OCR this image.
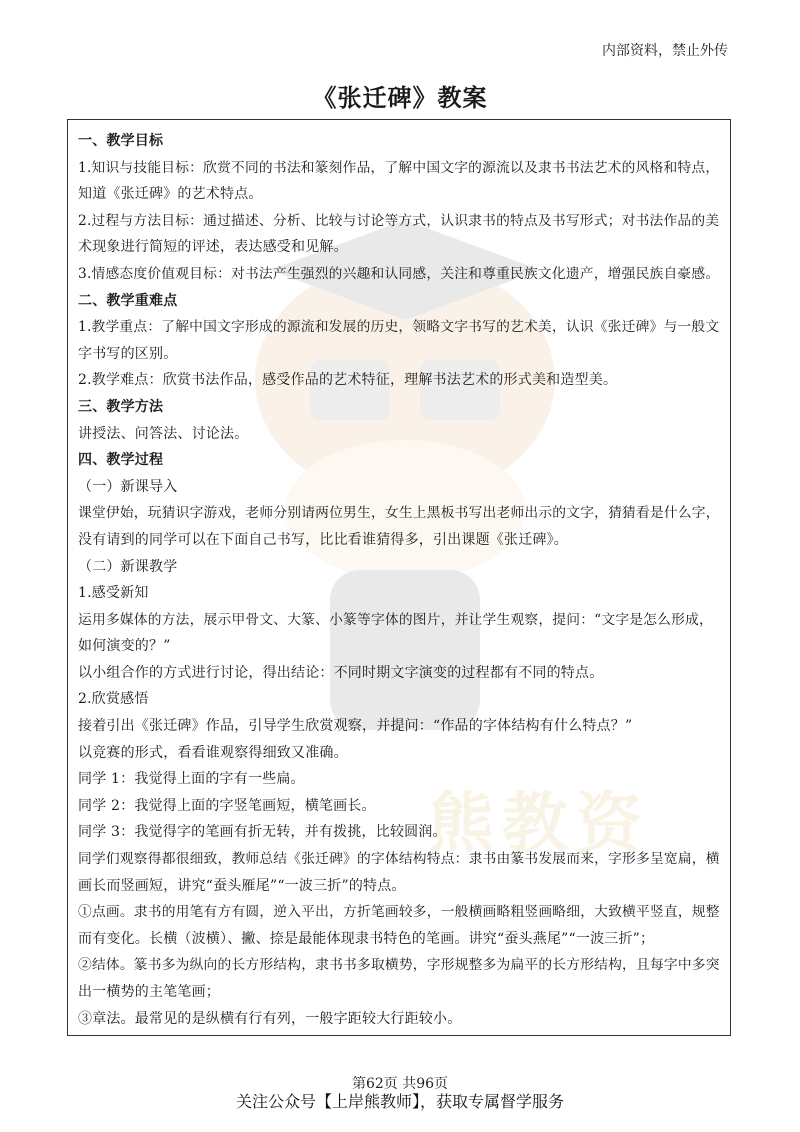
内部资料，禁止外传
《张迁碑》教案
熊教资
一、教学目标
1.知识与技能目标：欣赏不同的书法和篆刻作品，了解中国文字的源流以及隶书书法艺术的风格和特点，
知道《张迁碑》的艺术特点。
2.过程与方法目标：通过描述、分析、比较与讨论等方式，认识隶书的特点及书写形式；对书法作品的美
术现象进行简短的评述，表达感受和见解。
3.情感态度价值观目标：对书法产生强烈的兴趣和认同感，关注和尊重民族文化遗产，增强民族自豪感。
二、教学重难点
1.教学重点：了解中国文字形成的源流和发展的历史，领略文字书写的艺术美，认识《张迁碑》与一般文
字书写的区别。
2.教学难点：欣赏书法作品，感受作品的艺术特征，理解书法艺术的形式美和造型美。
三、教学方法
讲授法、问答法、讨论法。
四、教学过程
（一）新课导入
课堂伊始，玩猜识字游戏，老师分别请两位男生，女生上黑板书写出老师出示的文字，猜猜看是什么字，
没有请到的同学可以在下面自己书写，比比看谁猜得多，引出课题《张迁碑》。
（二）新课教学
1.感受新知
运用多媒体的方法，展示甲骨文、大篆、小篆等字体的图片，并让学生观察，提问：“文字是怎么形成，
如何演变的？”
以小组合作的方式进行讨论，得出结论：不同时期文字演变的过程都有不同的特点。
2.欣赏感悟
接着引出《张迁碑》作品，引导学生欣赏观察，并提问：“作品的字体结构有什么特点？”
以竞赛的形式，看看谁观察得细致又准确。
同学 1：我觉得上面的字有一些扁。
同学 2：我觉得上面的字竖笔画短，横笔画长。
同学 3：我觉得字的笔画有折无转，并有拨挑，比较圆润。
同学们观察得都很细致，教师总结《张迁碑》的字体结构特点：隶书由篆书发展而来，字形多呈宽扁，横
画长而竖画短，讲究“蚕头雁尾”“一波三折”的特点。
①点画。隶书的用笔有方有圆，逆入平出，方折笔画较多，一般横画略粗竖画略细，大致横平竖直，规整
而有变化。长横（波横）、撇、捺是最能体现隶书特色的笔画。讲究“蚕头燕尾”“一波三折”；
②结体。篆书多为纵向的长方形结构，隶书书多取横势，字形规整多为扁平的长方形结构，且每字中多突
出一横势的主笔笔画；
③章法。最常见的是纵横有行有列，一般字距较大行距较小。
第62页 共96页
关注公众号【上岸熊教师】，获取专属督学服务
